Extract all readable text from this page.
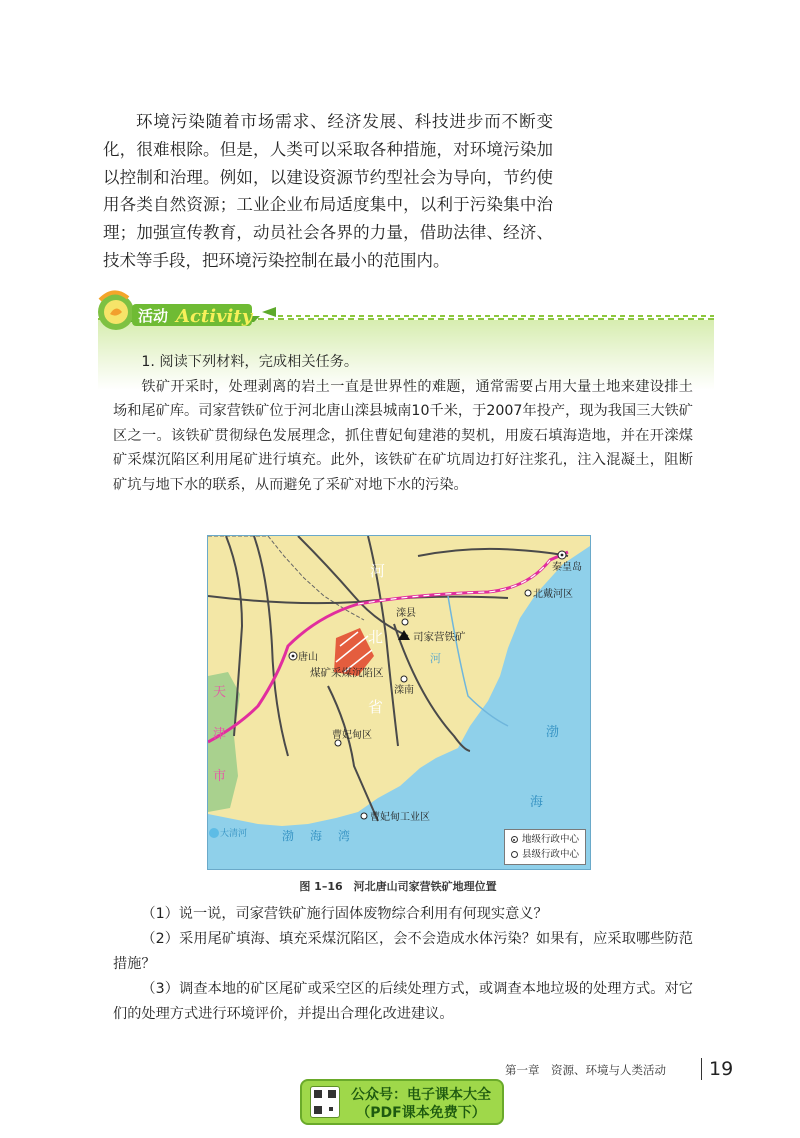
环境污染随着市场需求、经济发展、科技进步而不断变化，很难根除。但是，人类可以采取各种措施，对环境污染加以控制和治理。例如，以建设资源节约型社会为导向，节约使用各类自然资源；工业企业布局适度集中，以利于污染集中治理；加强宣传教育，动员社会各界的力量，借助法律、经济、技术等手段，把环境污染控制在最小的范围内。

活动 Activity

1. 阅读下列材料，完成相关任务。

铁矿开采时，处理剥离的岩土一直是世界性的难题，通常需要占用大量土地来建设排土场和尾矿库。司家营铁矿位于河北唐山滦县城南10千米，于2007年投产，现为我国三大铁矿区之一。该铁矿贯彻绿色发展理念，抓住曹妃甸建港的契机，用废石填海造地，并在开滦煤矿采煤沉陷区利用尾矿进行填充。此外，该铁矿在矿坑周边打好注浆孔，注入混凝土，阻断矿坑与地下水的联系，从而避免了采矿对地下水的污染。

河
北
省
河
天
津
市
渤
海
渤 海 湾
秦皇岛
北戴河区
滦县
司家营铁矿
唐山
煤矿采煤沉陷区
滦南
曹妃甸区
曹妃甸工业区
大清河	地级行政中心
县级行政中心
图 1–16　河北唐山司家营铁矿地理位置

（1）说一说，司家营铁矿施行固体废物综合利用有何现实意义？

（2）采用尾矿填海、填充采煤沉陷区，会不会造成水体污染？如果有，应采取哪些防范措施？

（3）调查本地的矿区尾矿或采空区的后续处理方式，或调查本地垃圾的处理方式。对它们的处理方式进行环境评价，并提出合理化改进建议。

第一章　资源、环境与人类活动 19
公众号：电子课本大全
（PDF课本免费下）
